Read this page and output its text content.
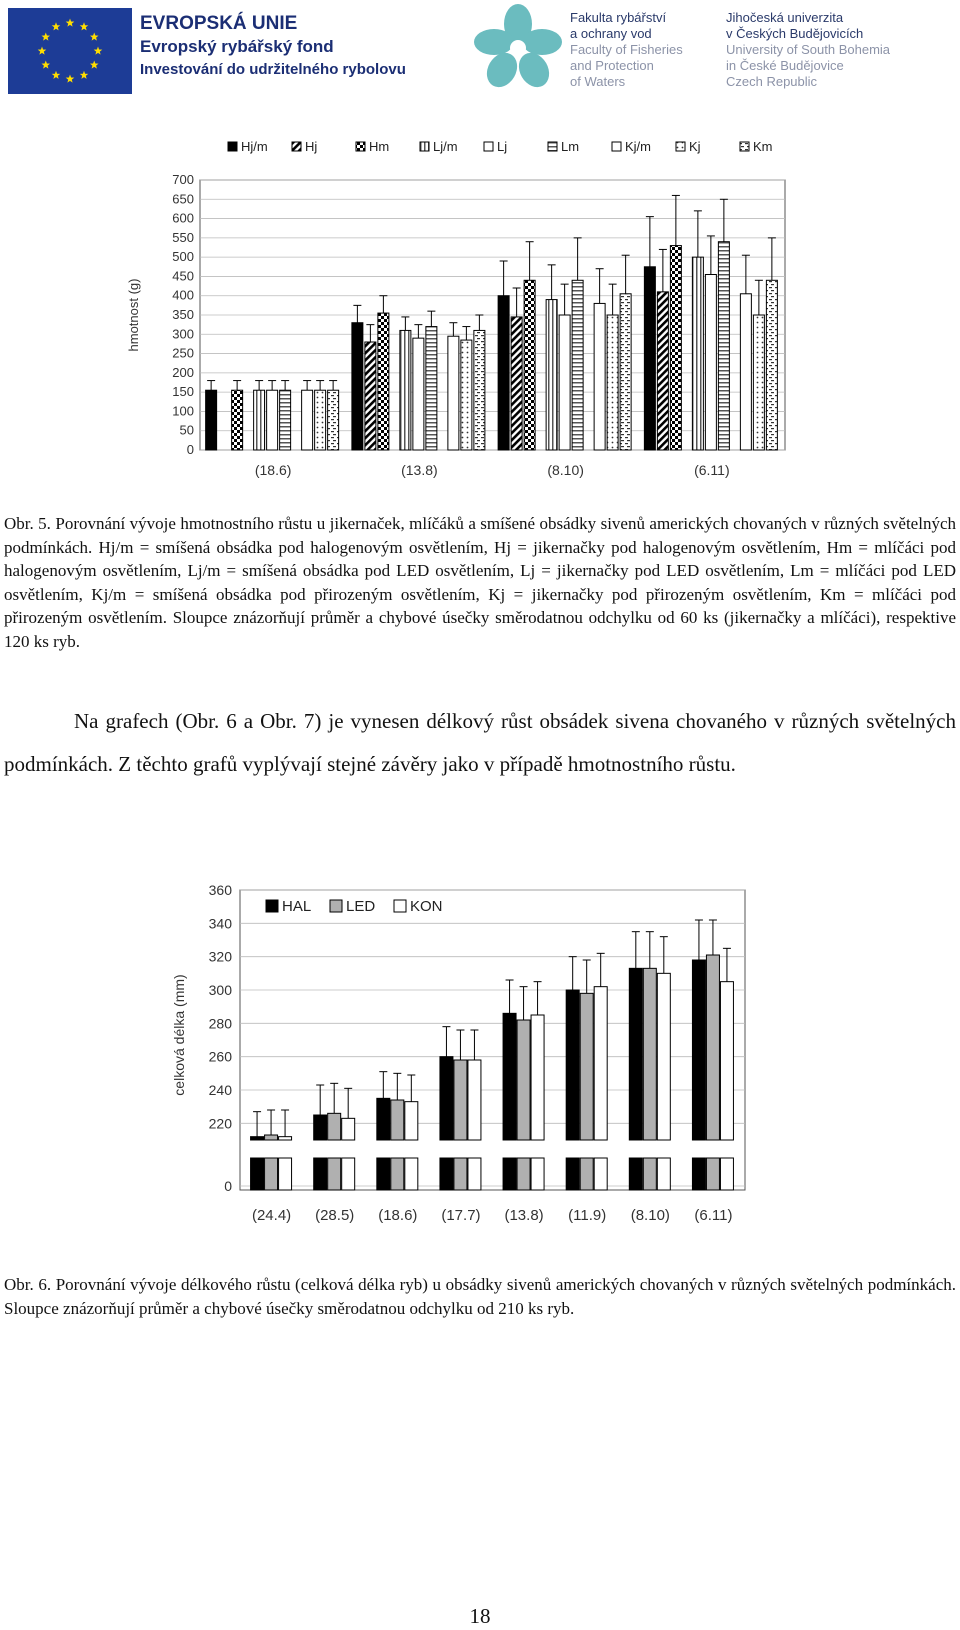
EVROPSKÁ UNIE
Evropský rybářský fond
Investování do udržitelného rybolovu
Fakulta rybářství
a ochrany vod
Faculty of Fisheries
and Protection
of Waters
Jihočeská univerzita
v Českých Budějovicích
University of South Bohemia
in České Budějovice
Czech Republic
0
50
100
150
200
250
300
350
400
450
500
550
600
650
700
hmotnost (g)
Hj/m	Hj	Hm	Lj/m	Lj	Lm	Kj/m	Kj	Km
(18.6)	(13.8)	(8.10)	(6.11)
Obr. 5. Porovnání vývoje hmotnostního růstu u jikernaček, mlíčáků a smíšené obsádky sivenů amerických chovaných v různých světelných podmínkách. Hj/m = smíšená obsádka pod halogenovým osvětlením, Hj = jikernačky pod halogenovým osvětlením, Hm = mlíčáci pod halogenovým osvětlením, Lj/m = smíšená obsádka pod LED osvětlením, Lj = jikernačky pod LED osvětlením, Lm = mlíčáci pod LED osvětlením, Kj/m = smíšená obsádka pod přirozeným osvětlením, Kj = jikernačky pod přirozeným osvětlením, Km = mlíčáci pod přirozeným osvětlením. Sloupce znázorňují průměr a chybové úsečky směrodatnou odchylku od 60 ks (jikernačky a mlíčáci), respektive 120 ks ryb.
Na grafech (Obr. 6 a Obr. 7) je vynesen délkový růst obsádek sivena chovaného v různých světelných podmínkách. Z těchto grafů vyplývají stejné závěry jako v případě hmotnostního růstu.
0
220
240
260
280
300
320
340
360
celková délka (mm)
HAL LED KON
(24.4) (28.5) (18.6) (17.7) (13.8) (11.9) (8.10) (6.11)
Obr. 6. Porovnání vývoje délkového růstu (celková délka ryb) u obsádky sivenů amerických chovaných v různých světelných podmínkách. Sloupce znázorňují průměr a chybové úsečky směrodatnou odchylku od 210 ks ryb.
18
